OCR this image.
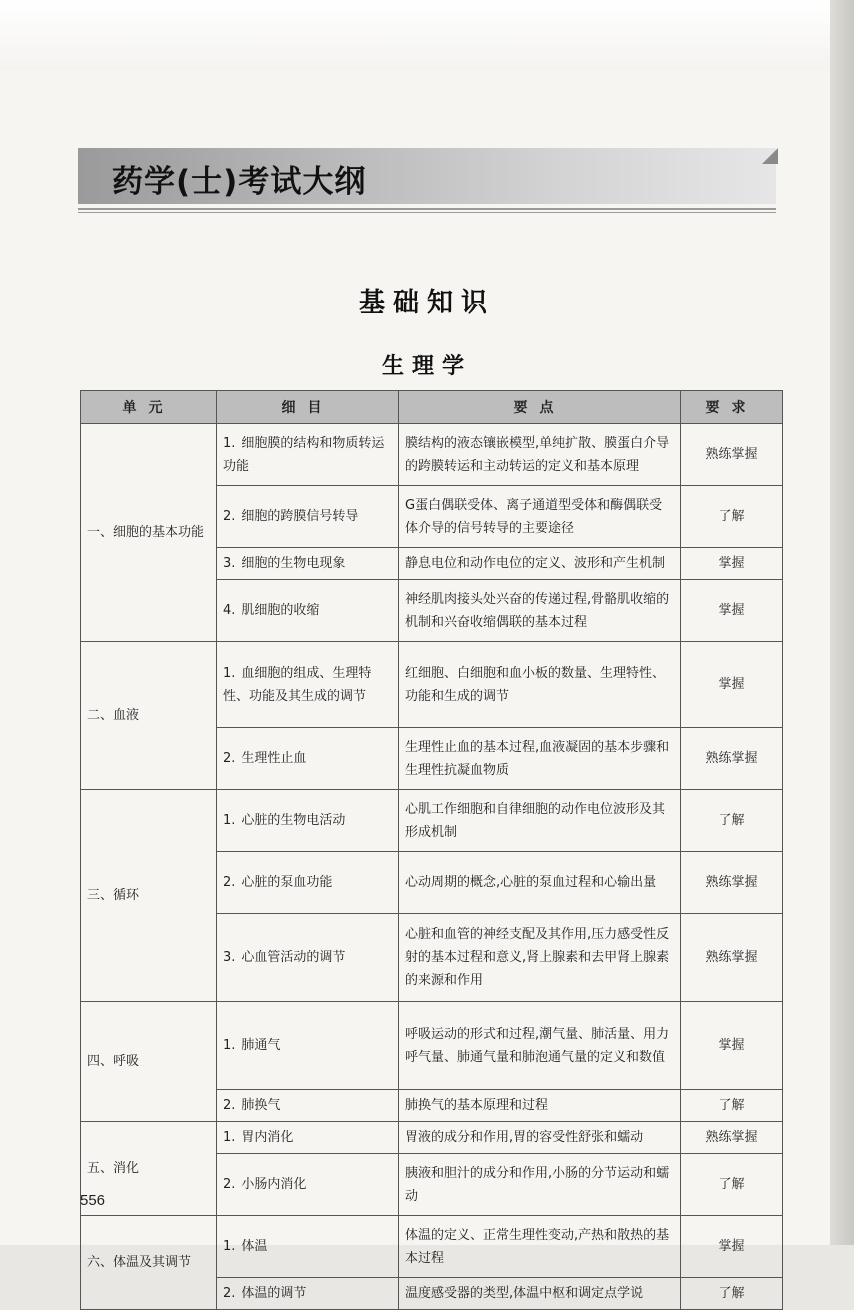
药学(士)考试大纲
基础知识
生理学
单元	细目	要点	要求
一、细胞的基本功能	1. 细胞膜的结构和物质转运功能	膜结构的液态镶嵌模型,单纯扩散、膜蛋白介导的跨膜转运和主动转运的定义和基本原理	熟练掌握
	2. 细胞的跨膜信号转导	G蛋白偶联受体、离子通道型受体和酶偶联受体介导的信号转导的主要途径	了解
	3. 细胞的生物电现象	静息电位和动作电位的定义、波形和产生机制	掌握
	4. 肌细胞的收缩	神经肌肉接头处兴奋的传递过程,骨骼肌收缩的机制和兴奋收缩偶联的基本过程	掌握
二、血液	1. 血细胞的组成、生理特性、功能及其生成的调节	红细胞、白细胞和血小板的数量、生理特性、功能和生成的调节	掌握
	2. 生理性止血	生理性止血的基本过程,血液凝固的基本步骤和生理性抗凝血物质	熟练掌握
三、循环	1. 心脏的生物电活动	心肌工作细胞和自律细胞的动作电位波形及其形成机制	了解
	2. 心脏的泵血功能	心动周期的概念,心脏的泵血过程和心输出量	熟练掌握
	3. 心血管活动的调节	心脏和血管的神经支配及其作用,压力感受性反射的基本过程和意义,肾上腺素和去甲肾上腺素的来源和作用	熟练掌握
四、呼吸	1. 肺通气	呼吸运动的形式和过程,潮气量、肺活量、用力呼气量、肺通气量和肺泡通气量的定义和数值	掌握
	2. 肺换气	肺换气的基本原理和过程	了解
五、消化	1. 胃内消化	胃液的成分和作用,胃的容受性舒张和蠕动	熟练掌握
	2. 小肠内消化	胰液和胆汁的成分和作用,小肠的分节运动和蠕动	了解
六、体温及其调节	1. 体温	体温的定义、正常生理性变动,产热和散热的基本过程	掌握
	2. 体温的调节	温度感受器的类型,体温中枢和调定点学说	了解
556
